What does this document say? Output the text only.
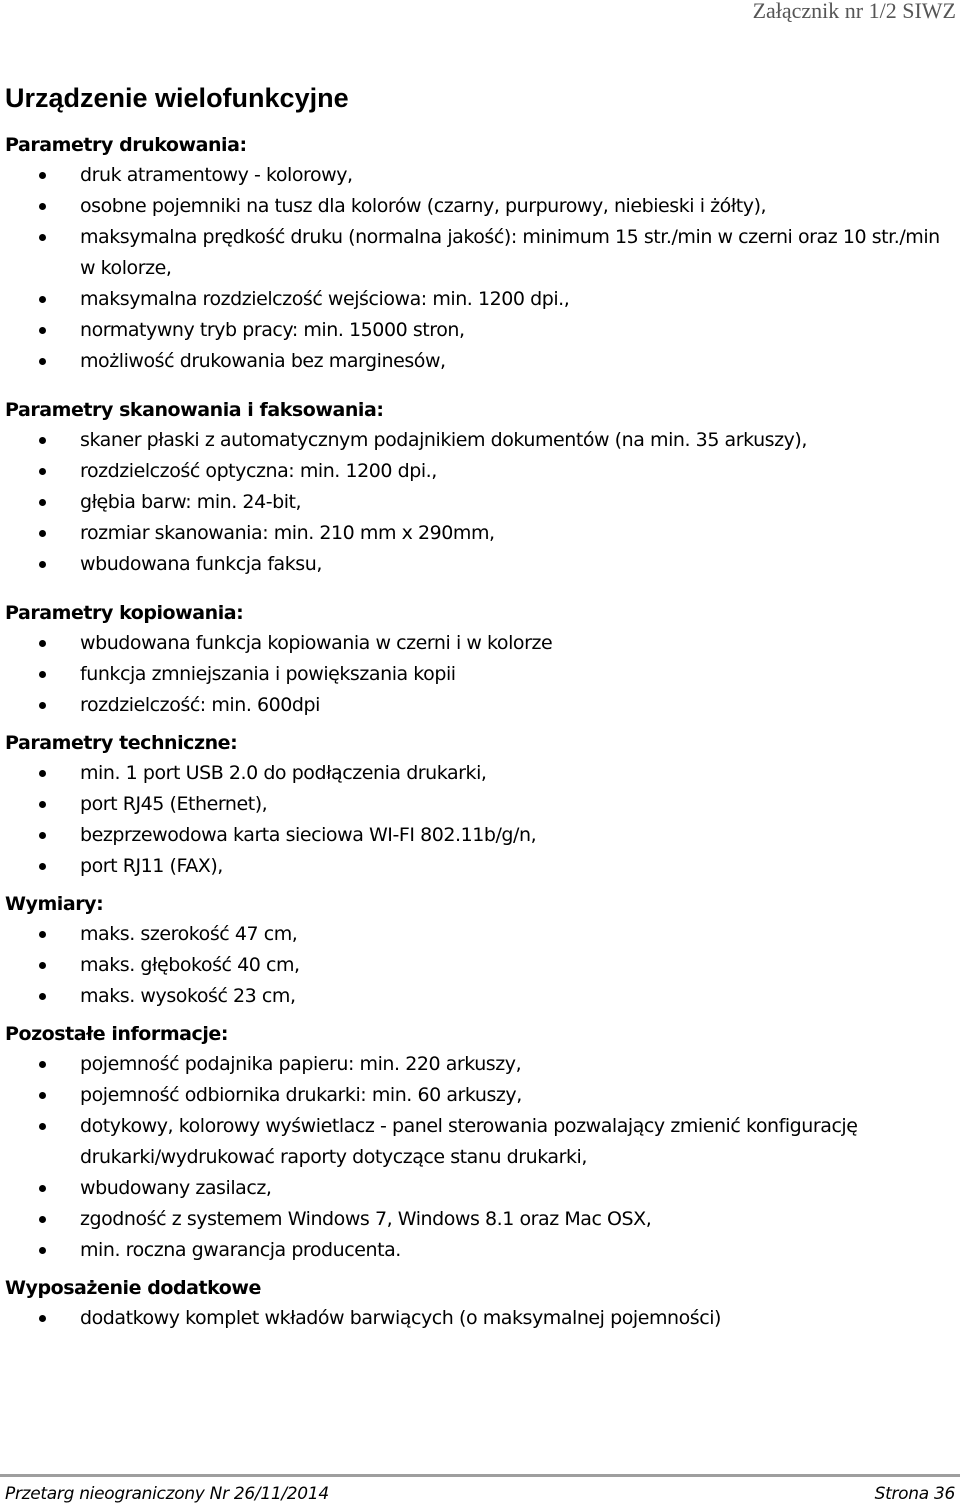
Załącznik nr 1/2 SIWZ
Urządzenie wielofunkcyjne
Parametry drukowania:
druk atramentowy - kolorowy,
osobne pojemniki na tusz dla kolorów (czarny, purpurowy, niebieski i żółty),
maksymalna prędkość druku (normalna jakość): minimum 15 str./min w czerni oraz 10 str./min w kolorze,
maksymalna rozdzielczość wejściowa: min. 1200 dpi.,
normatywny tryb pracy: min. 15000 stron,
możliwość drukowania bez marginesów,
Parametry skanowania i faksowania:
skaner płaski z automatycznym podajnikiem dokumentów (na min. 35 arkuszy),
rozdzielczość optyczna: min. 1200 dpi.,
głębia barw: min. 24-bit,
rozmiar skanowania: min. 210 mm x 290mm,
wbudowana funkcja faksu,
Parametry kopiowania:
wbudowana funkcja kopiowania w czerni i w kolorze
funkcja zmniejszania i powiększania kopii
rozdzielczość: min. 600dpi
Parametry techniczne:
min. 1 port USB 2.0 do podłączenia drukarki,
port RJ45 (Ethernet),
bezprzewodowa karta sieciowa WI-FI 802.11b/g/n,
port RJ11 (FAX),
Wymiary:
maks. szerokość 47 cm,
maks. głębokość 40 cm,
maks. wysokość 23 cm,
Pozostałe informacje:
pojemność podajnika papieru: min. 220 arkuszy,
pojemność odbiornika drukarki: min. 60 arkuszy,
dotykowy, kolorowy wyświetlacz - panel sterowania pozwalający zmienić konfigurację drukarki/wydrukować raporty dotyczące stanu drukarki,
wbudowany zasilacz,
zgodność z systemem Windows 7, Windows 8.1 oraz Mac OSX,
min. roczna gwarancja producenta.
Wyposażenie dodatkowe
dodatkowy komplet wkładów barwiących (o maksymalnej pojemności)
Przetarg nieograniczony Nr 26/11/2014	Strona 36
